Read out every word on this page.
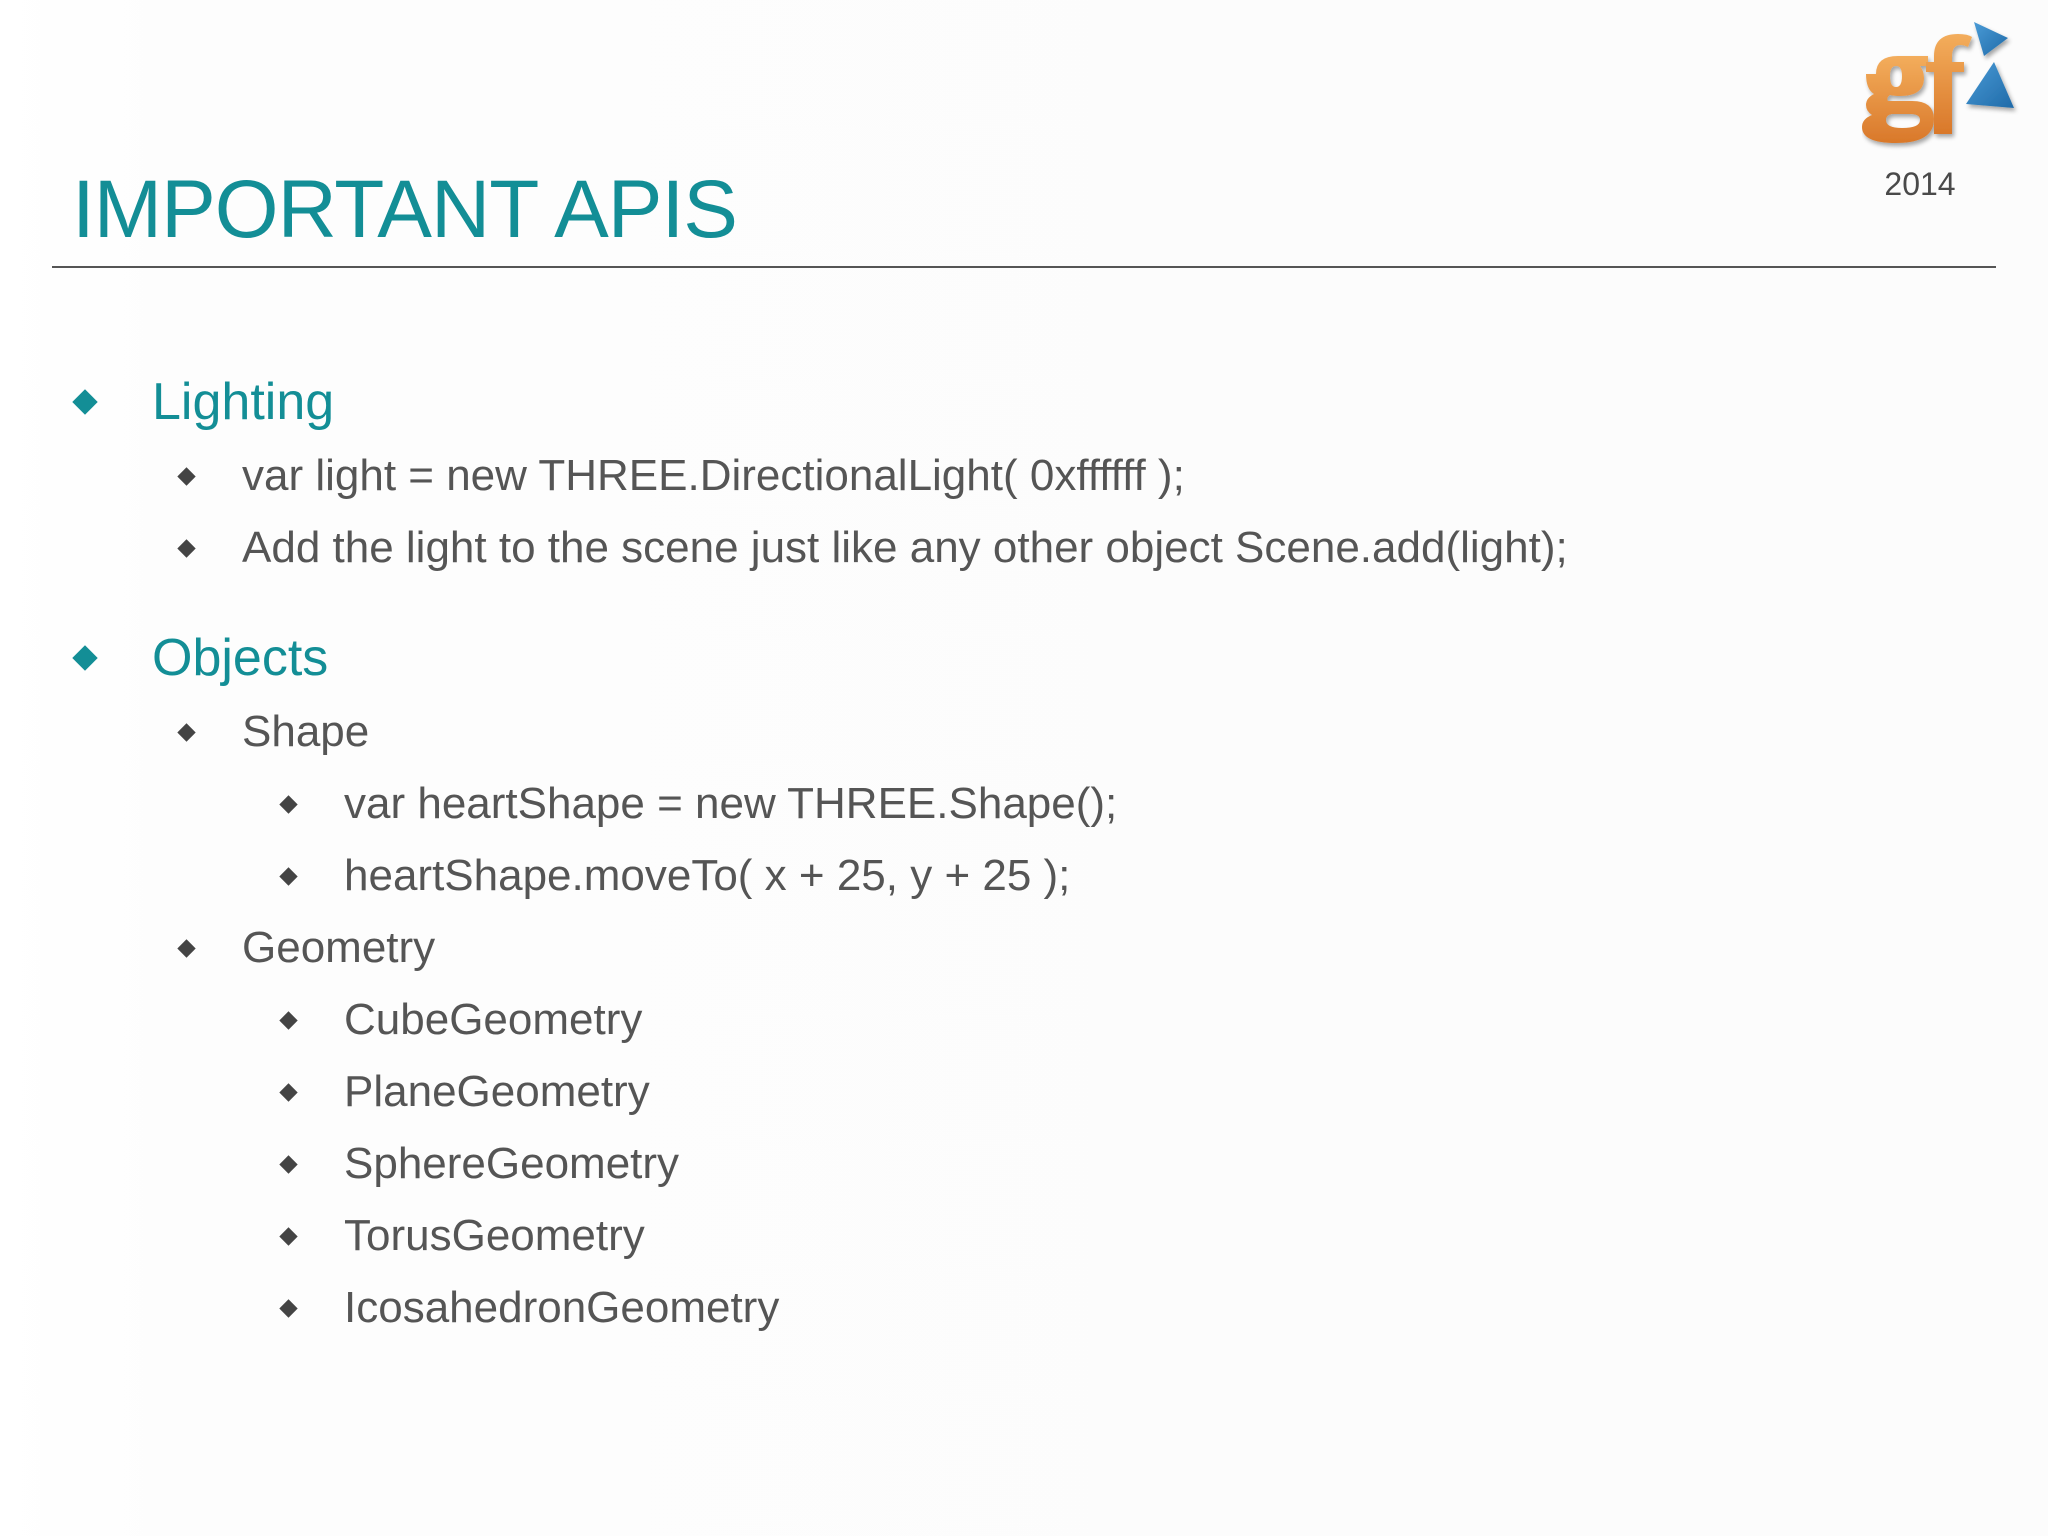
IMPORTANT APIS	2014
Lighting
var light = new THREE.DirectionalLight( 0xffffff );
Add the light to the scene just like any other object Scene.add(light);
Objects
Shape
var heartShape = new THREE.Shape();
heartShape.moveTo( x + 25, y + 25 );
Geometry
CubeGeometry
PlaneGeometry
SphereGeometry
TorusGeometry
IcosahedronGeometry
